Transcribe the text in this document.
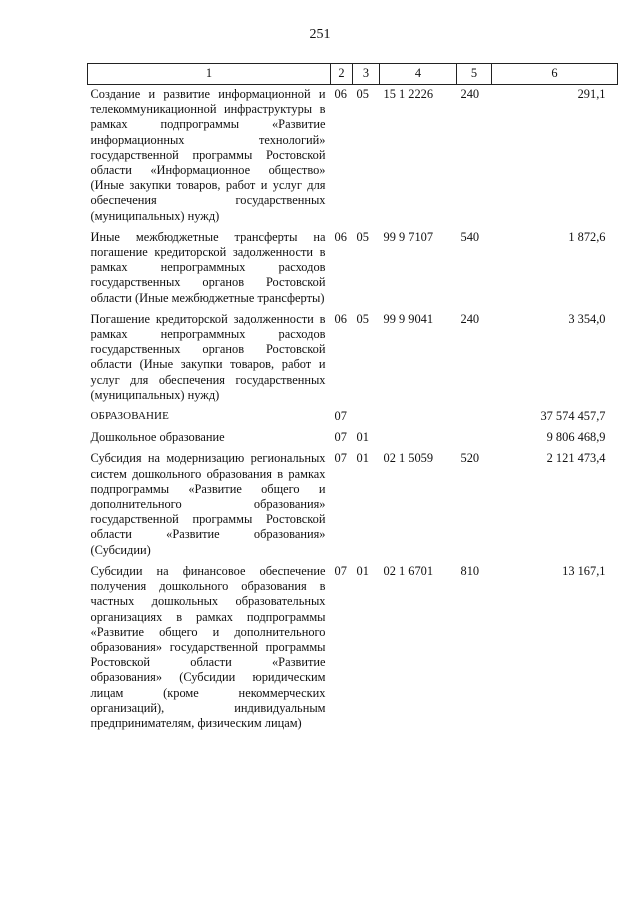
251
1	2	3	4	5	6
Создание и развитие информационной и телекоммуникационной инфраструктуры в рамках подпрограммы «Развитие информационных технологий» государственной программы Ростовской области «Информационное общество» (Иные закупки товаров, работ и услуг для обеспечения государственных (муниципальных) нужд)	06	05	15 1 2226	240	291,1
Иные межбюджетные трансферты на погашение кредиторской задолженности в рамках непрограммных расходов государственных органов Ростовской области (Иные межбюджетные трансферты)	06	05	99 9 7107	540	1 872,6
Погашение кредиторской задолженности в рамках непрограммных расходов государственных органов Ростовской области (Иные закупки товаров, работ и услуг для обеспечения государственных (муниципальных) нужд)	06	05	99 9 9041	240	3 354,0
ОБРАЗОВАНИЕ	07				37 574 457,7
Дошкольное образование	07	01			9 806 468,9
Субсидия на модернизацию региональных систем дошкольного образования в рамках подпрограммы «Развитие общего и дополнительного образования» государственной программы Ростовской области «Развитие образования» (Субсидии)	07	01	02 1 5059	520	2 121 473,4
Субсидии на финансовое обеспечение получения дошкольного образования в частных дошкольных образовательных организациях в рамках подпрограммы «Развитие общего и дополнительного образования» государственной программы Ростовской области «Развитие образования» (Субсидии юридическим лицам (кроме некоммерческих организаций), индивидуальным предпринимателям, физическим лицам)	07	01	02 1 6701	810	13 167,1
